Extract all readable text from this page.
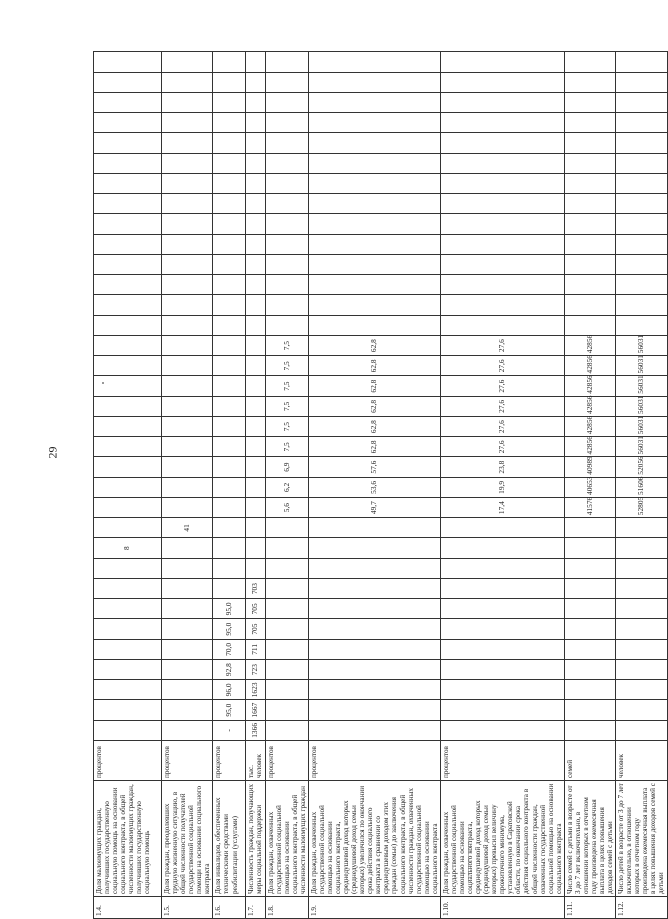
29
1.4.	Доля малоимущих граждан, получивших государственную социальную помощь на основании социального контракта, в общей численности малоимущих граждан, получивших государственную социальную помощь	процентов										8																								
1.5.	Доля граждан, преодолевших трудную жизненную ситуацию, в общей численности получателей государственной социальной помощи на основании социального контракта	процентов											41																							
1.6.	Доля инвалидов, обеспеченных техническими средствами реабилитации (услугами)	процентов	-	95,0	96,0	92,8	70,0	95,0	95,0																											
1.7.	Численность граждан, получающих меры социальной поддержки	тыс. человек	1366	1667	1623	723	711	705	705	703																										
1.8.	Доля граждан, охваченных государственной социальной помощью на основании социального контракта, в общей численности малоимущих граждан	процентов												5,6	6,2	6,9	7,5	7,5	7,5	7,5	7,5	7,5														
1.9.	Доля граждан, охваченных государственной социальной помощью на основании социального контракта, среднедушевой доход которых (среднедушевой доход семьи которых) увеличился по окончании срока действия социального контракта в сравнении со среднедушевым доходом этих граждан (семьи) до заключения социального контракта, в общей численности граждан, охваченных государственной социальной помощью на основании социального контракта	процентов												49,7	53,6	57,6	62,8	62,8	62,8	62,8	62,8	62,8														
1.10.	Доля граждан, охваченных государственной социальной помощью на основании социального контракта, среднедушевой доход которых (среднедушевой доход семьи которых) превысил величину прожиточного минимума, установленную в Саратовской области, по окончании срока действия социального контракта в общей численности граждан, охваченных государственной социальной помощью на основании социального контракта	процентов												17,4	19,9	23,8	27,6	27,6	27,6	27,6	27,6	27,6														
1.11.	Число семей с детьми в возрасте от 3 до 7 лет включительно, в отношении которых в отчетном году произведена ежемесячная выплата в целях повышения доходов семей с детьми	семей												41576	40653	40989	42856	42856	42856	42856	42856	42856														
1.12.	Число детей в возрасте от 3 до 7 лет включительно, в отношении которых в отчетном году произведена ежемесячная выплата в целях повышения доходов семей с детьми	человек												52805	51606	52056	56031	56031	56031	56031	56031	56031														
